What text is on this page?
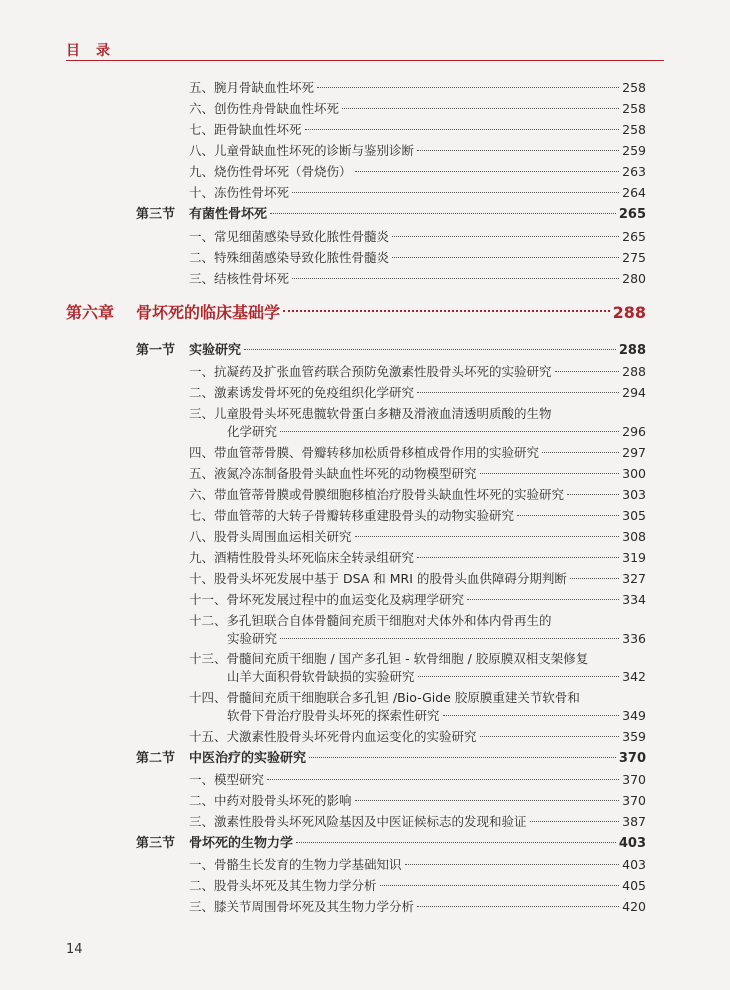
目录
五、腕月骨缺血性坏死	258
六、创伤性舟骨缺血性坏死	258
七、距骨缺血性坏死	258
八、儿童骨缺血性坏死的诊断与鉴别诊断	259
九、烧伤性骨坏死（骨烧伤）	263
十、冻伤性骨坏死	264
第三节	有菌性骨坏死	265
一、常见细菌感染导致化脓性骨髓炎	265
二、特殊细菌感染导致化脓性骨髓炎	275
三、结核性骨坏死	280
第六章	骨坏死的临床基础学	288
第一节	实验研究	288
一、抗凝药及扩张血管药联合预防免激素性股骨头坏死的实验研究	288
二、激素诱发骨坏死的免疫组织化学研究	294
三、儿童股骨头坏死患髋软骨蛋白多糖及滑液血清透明质酸的生物
化学研究	296
四、带血管蒂骨膜、骨瓣转移加松质骨移植成骨作用的实验研究	297
五、液氮冷冻制备股骨头缺血性坏死的动物模型研究	300
六、带血管蒂骨膜或骨膜细胞移植治疗股骨头缺血性坏死的实验研究	303
七、带血管蒂的大转子骨瓣转移重建股骨头的动物实验研究	305
八、股骨头周围血运相关研究	308
九、酒精性股骨头坏死临床全转录组研究	319
十、股骨头坏死发展中基于 DSA 和 MRI 的股骨头血供障碍分期判断	327
十一、骨坏死发展过程中的血运变化及病理学研究	334
十二、多孔钽联合自体骨髓间充质干细胞对犬体外和体内骨再生的
实验研究	336
十三、骨髓间充质干细胞 / 国产多孔钽 - 软骨细胞 / 胶原膜双相支架修复
山羊大面积骨软骨缺损的实验研究	342
十四、骨髓间充质干细胞联合多孔钽 /Bio-Gide 胶原膜重建关节软骨和
软骨下骨治疗股骨头坏死的探索性研究	349
十五、犬激素性股骨头坏死骨内血运变化的实验研究	359
第二节	中医治疗的实验研究	370
一、模型研究	370
二、中药对股骨头坏死的影响	370
三、激素性股骨头坏死风险基因及中医证候标志的发现和验证	387
第三节	骨坏死的生物力学	403
一、骨骼生长发育的生物力学基础知识	403
二、股骨头坏死及其生物力学分析	405
三、膝关节周围骨坏死及其生物力学分析	420
14
